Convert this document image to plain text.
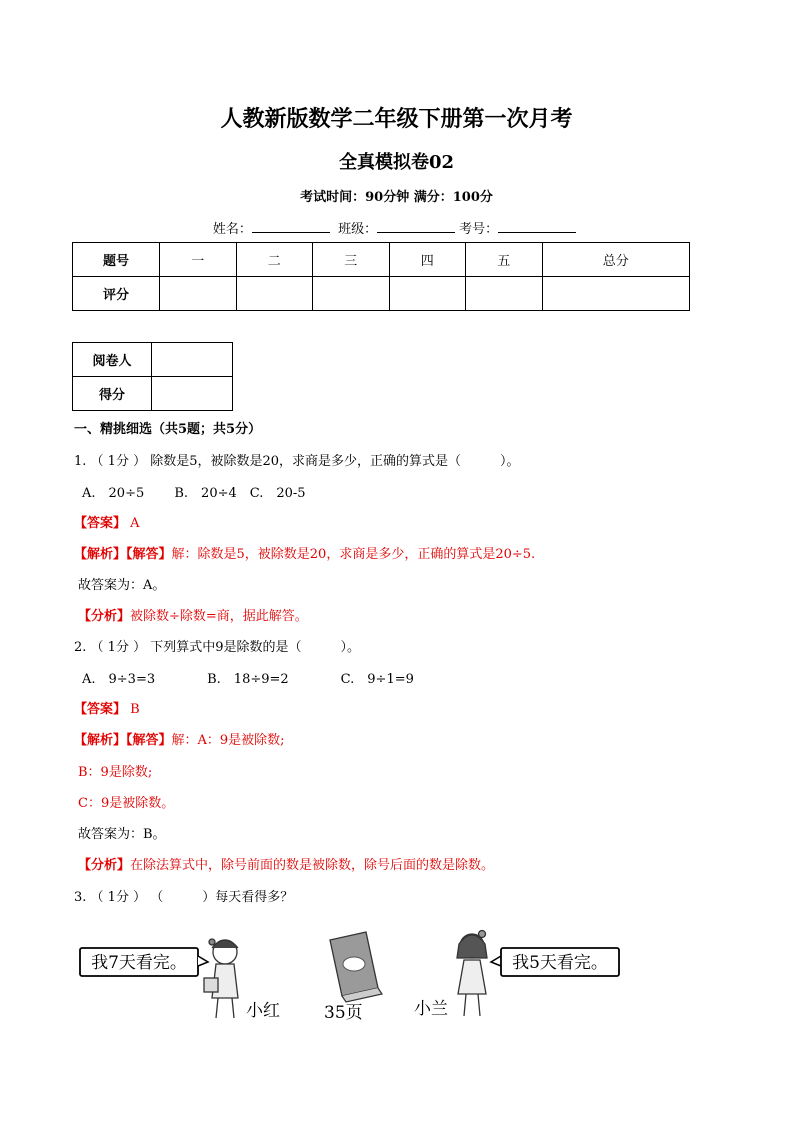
人教新版数学二年级下册第一次月考
全真模拟卷02
考试时间：90分钟 满分：100分
姓名：	班级：	考号：
题号	一	二	三	四	五	总分
评分						
阅卷人	
得分	
一、精挑细选（共5题；共5分）
1. （ 1分 ） 除数是5，被除数是20，求商是多少，正确的算式是（　　　）。
A.　20÷5　　 B.　20÷4　C.　20-5
【答案】 A
【解析】【解答】解：除数是5，被除数是20，求商是多少，正确的算式是20÷5.
故答案为：A。
【分析】被除数÷除数=商，据此解答。
2. （ 1分 ） 下列算式中9是除数的是（　　　）。
A.　9÷3=3　　　　B.　18÷9=2　　　　C.　9÷1=9
【答案】 B
【解析】【解答】解：A：9是被除数;
B：9是除数;
C：9是被除数。
故答案为：B。
【分析】在除法算式中，除号前面的数是被除数，除号后面的数是除数。
3. （ 1分 ） （　　　）每天看得多？
我7天看完。
小红	35页	小兰
我5天看完。
